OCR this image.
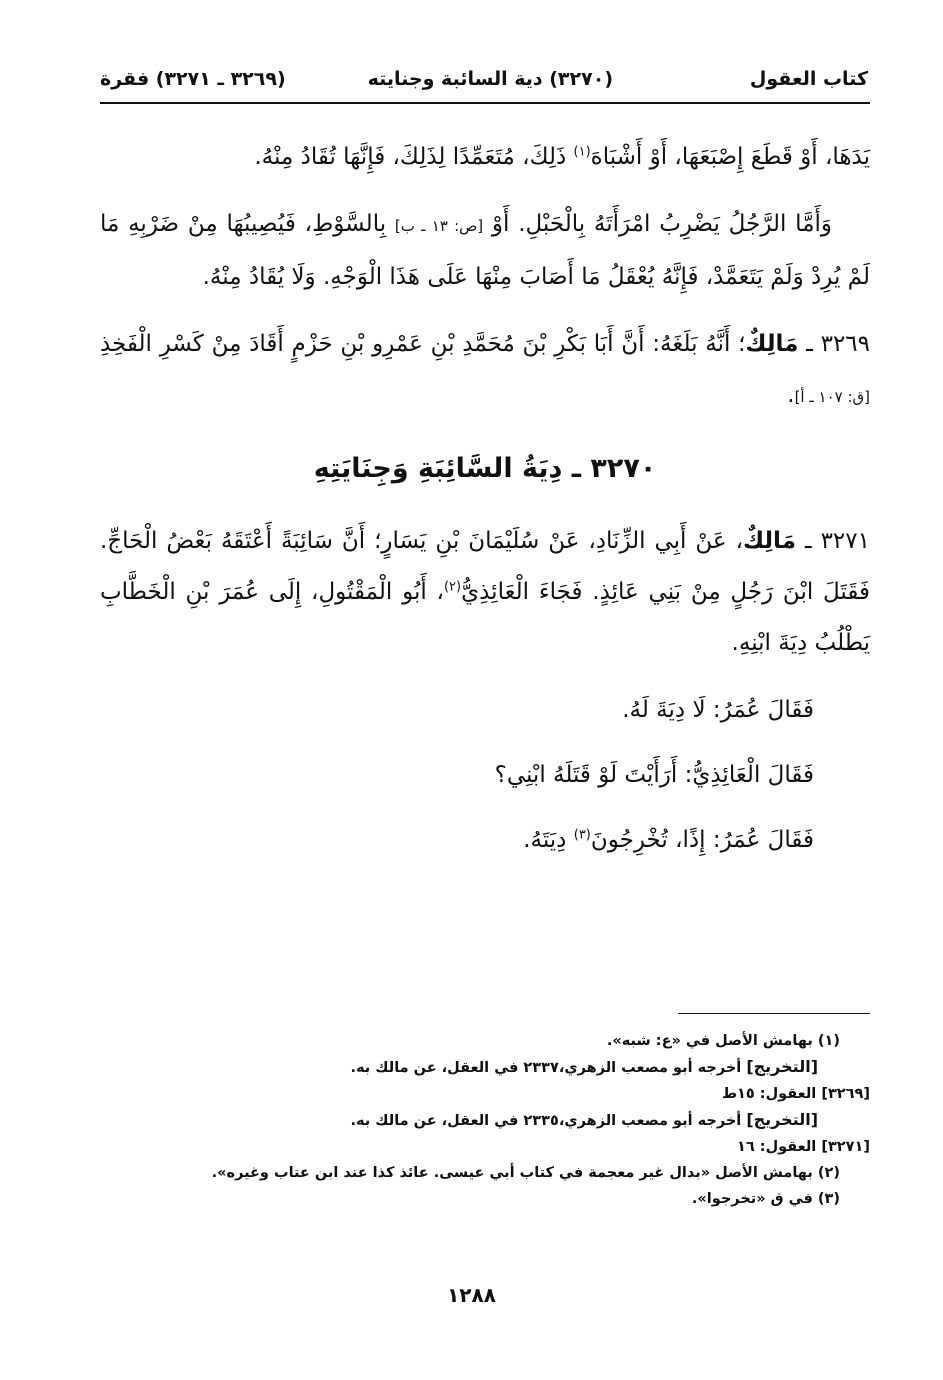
كتاب العقول
(٣٢٧٠) دية السائبة وجنايته
(٣٢٦٩ ـ ٣٢٧١) فقرة

يَدَهَا، أَوْ قَطَعَ إِصْبَعَهَا، أَوْ أَشْبَاهَ$^{(١)}$ ذَلِكَ، مُتَعَمِّدًا لِذَلِكَ، فَإِنَّهَا تُقَادُ مِنْهُ.

وَأَمَّا الرَّجُلُ يَضْرِبُ امْرَأَتَهُ بِالْحَبْلِ. أَوْ [ص: ١٣ ـ ب] بِالسَّوْطِ، فَيُصِيبُهَا مِنْ ضَرْبِهِ مَا لَمْ يُرِدْ وَلَمْ يَتَعَمَّدْ، فَإِنَّهُ يُعْقَلُ مَا أَصَابَ مِنْهَا عَلَى هَذَا الْوَجْهِ. وَلَا يُقَادُ مِنْهُ.

٣٢٦٩ ـ مَالِكٌ؛ أَنَّهُ بَلَغَهُ: أَنَّ أَبَا بَكْرِ بْنَ مُحَمَّدِ بْنِ عَمْرِو بْنِ حَزْمٍ أَقَادَ مِنْ كَسْرِ الْفَخِذِ [ق: ١٠٧ ـ أ].

٣٢٧٠ ـ دِيَةُ السَّائِبَةِ وَجِنَايَتِهِ

٣٢٧١ ـ مَالِكٌ، عَنْ أَبِي الزِّنَادِ، عَنْ سُلَيْمَانَ بْنِ يَسَارٍ؛ أَنَّ سَائِبَةً أَعْتَقَهُ بَعْضُ الْحَاجِّ. فَقَتَلَ ابْنَ رَجُلٍ مِنْ بَنِي عَائِذٍ. فَجَاءَ الْعَائِذِيُّ$^{(٢)}$، أَبُو الْمَقْتُولِ، إِلَى عُمَرَ بْنِ الْخَطَّابِ يَطْلُبُ دِيَةَ ابْنِهِ.

فَقَالَ عُمَرُ: لَا دِيَةَ لَهُ.

فَقَالَ الْعَائِذِيُّ: أَرَأَيْتَ لَوْ قَتَلَهُ ابْنِي؟

فَقَالَ عُمَرُ: إِذًا، تُخْرِجُونَ$^{(٣)}$ دِيَتَهُ.

(١) بهامش الأصل في «ع: شبه».
[التخريج] أخرجه أبو مصعب الزهري،٢٣٣٧ في العقل، عن مالك به.
[٣٢٦٩] العقول: ١٥ط
[التخريج] أخرجه أبو مصعب الزهري،٢٣٣٥ في العقل، عن مالك به.
[٣٢٧١] العقول: ١٦
(٢) بهامش الأصل «بدال غير معجمة في كتاب أبي عيسى. عائذ كذا عند ابن عتاب وغيره».
(٣) في ق «تخرجوا».
١٢٨٨
